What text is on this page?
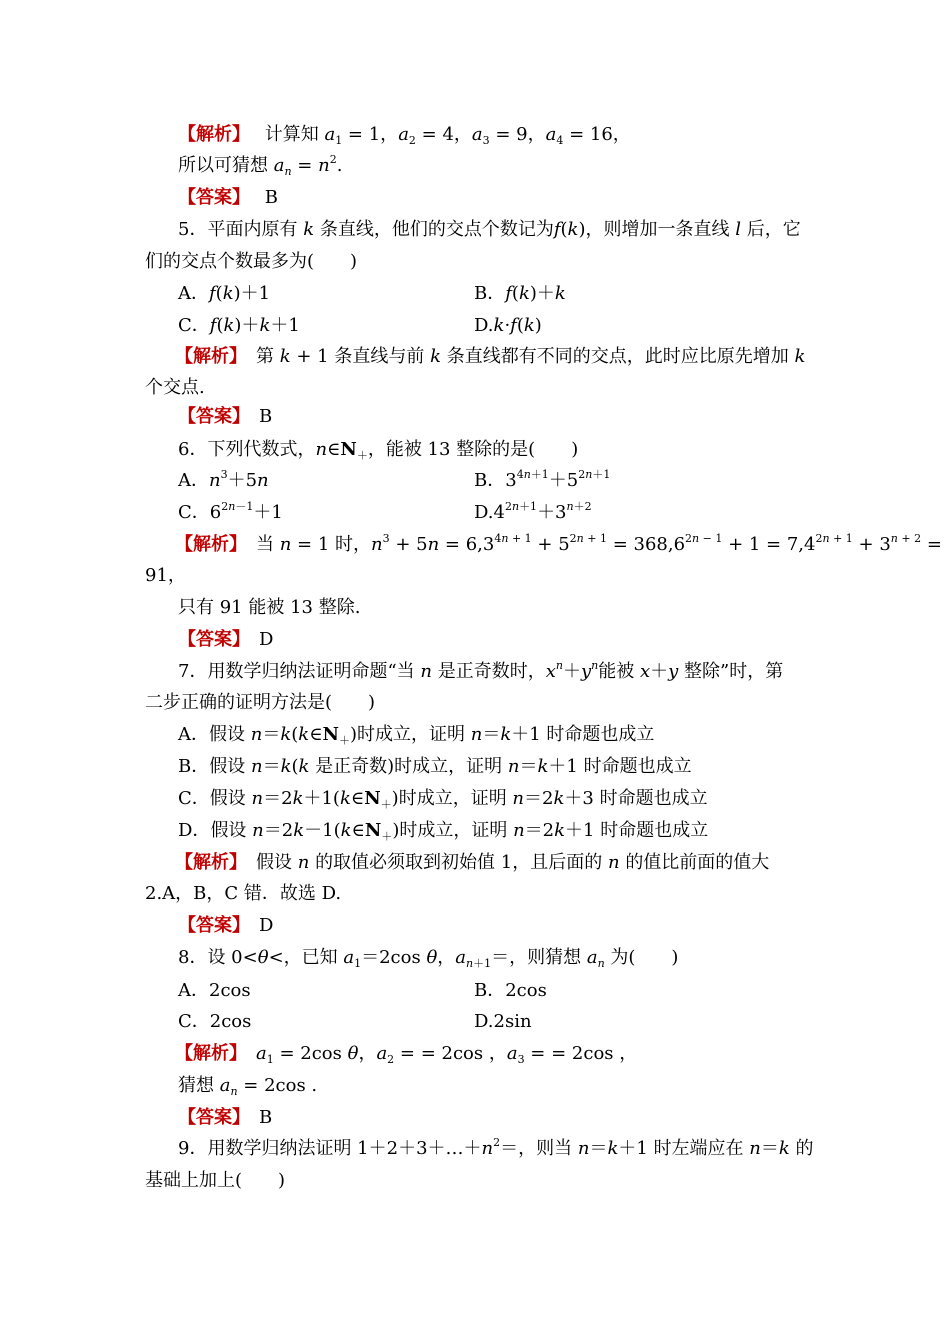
【解析】　 计算知 $a_1 = 1$，$a_2 = 4$，$a_3 = 9$，$a_4 = 16$，
所以可猜想 $a_n = n^2$.
【答案】　 B
5．平面内原有 k 条直线，他们的交点个数记为f(k)，则增加一条直线 l 后，它
们的交点个数最多为(　　)
A．f(k)＋1	B．f(k)＋k
C．f(k)＋k＋1	D.k·f(k)
【解析】　 第 k + 1 条直线与前 k 条直线都有不同的交点，此时应比原先增加 k
个交点.
【答案】　 B
6．下列代数式，$n\in N_+$，能被 13 整除的是(　　)
A．$n^3+5n$	B．$3^{4n+1}+5^{2n+1}$
C．$6^{2n-1}+1$	$D.4^{2n+1}+3^{n+2}$
【解析】　 当 n = 1 时，$n^3 + 5n = 6,3^{4n + 1} + 5^{2n + 1} = 368,6^{2n - 1} + 1 = 7,4^{2n + 1} + 3^{n + 2}$ =
91，
只有 91 能被 13 整除.
【答案】　 D
7．用数学归纳法证明命题“当 n 是正奇数时，$x^n+y^n$能被 x＋y 整除”时，第
二步正确的证明方法是(　　)
A．假设 $n=k(k\in N_+)$时成立，证明 n＝k＋1 时命题也成立
B．假设 n＝k(k 是正奇数)时成立，证明 n＝k＋1 时命题也成立
C．假设 $n=2k+1(k\in N_+)$时成立，证明 n＝2k＋3 时命题也成立
D．假设 $n=2k-1(k\in N_+)$时成立，证明 n＝2k＋1 时命题也成立
【解析】　 假设 n 的取值必须取到初始值 1，且后面的 n 的值比前面的值大
2.A，B，C 错．故选 D.
【答案】　 D
8．设 0<θ<，已知 $a_1=2\cos$ θ，$a_{n+1}=$，则猜想 $a_n$ 为(　　)
A．2cos	B．2cos
C．2cos	D.2sin
【解析】　 $a_1 = 2\cos$ θ，$a_2$ = = 2cos ，$a_3$ = = 2cos ，
猜想 $a_n = 2\cos$ .
【答案】　 B
9．用数学归纳法证明 $1+2+3+\dots+n^2=$，则当 n＝k＋1 时左端应在 n＝k 的
基础上加上(　　)
